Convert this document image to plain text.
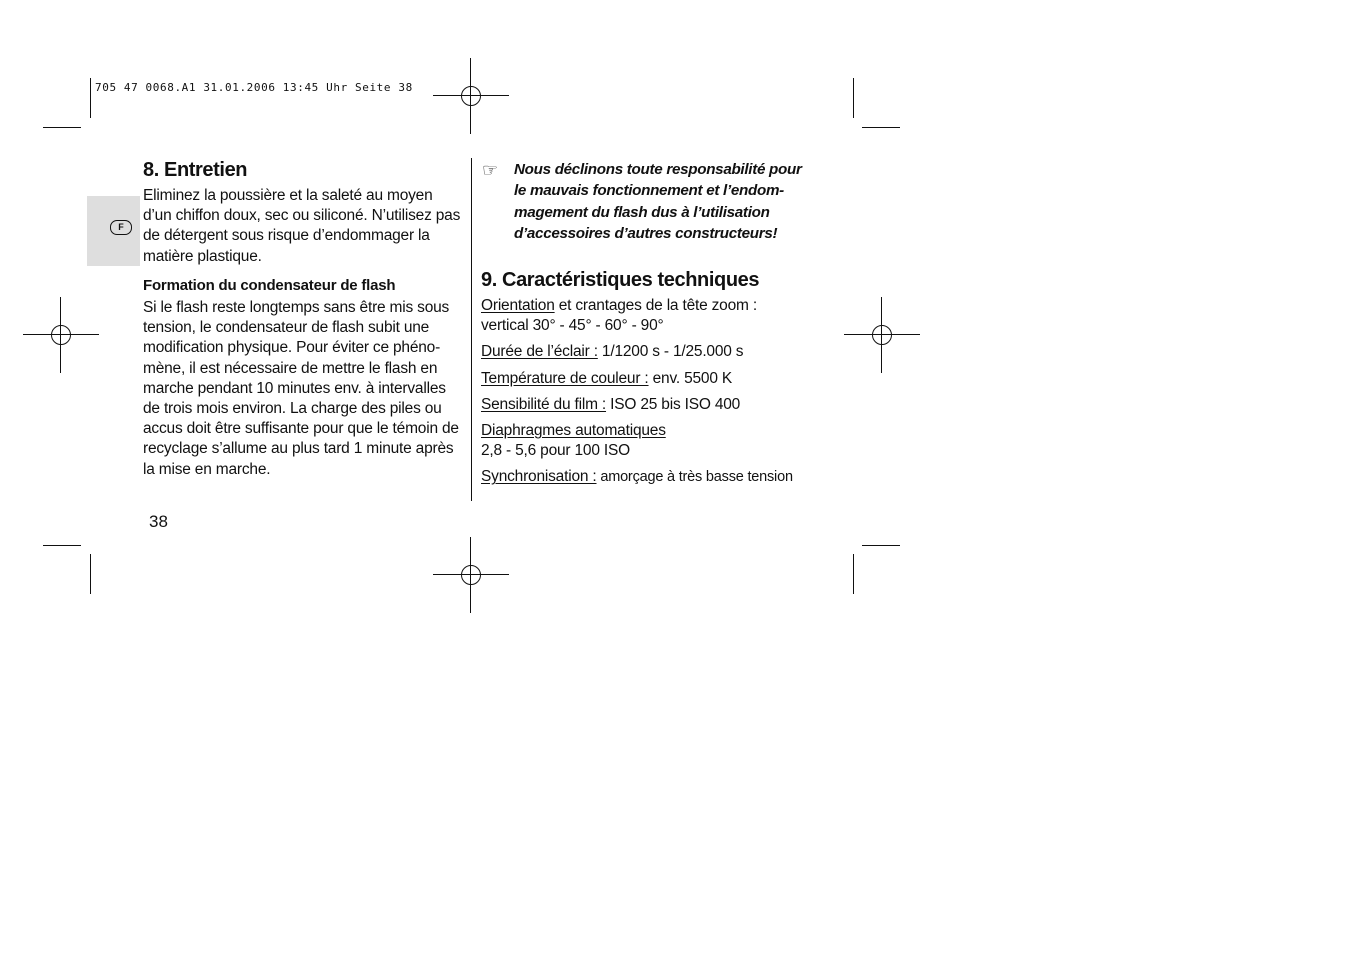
705 47 0068.A1 31.01.2006 13:45 Uhr Seite 38
F
8. Entretien

Eliminez la poussière et la saleté au moyen d’un chiffon doux, sec ou siliconé. N’utilisez pas de détergent sous risque d’endommager la matière plastique.

Formation du condensateur de flash

Si le flash reste longtemps sans être mis sous tension, le condensateur de flash subit une modification physique. Pour éviter ce phéno-mène, il est nécessaire de mettre le flash en marche pendant 10 minutes env. à intervalles de trois mois environ. La charge des piles ou accus doit être suffisante pour que le témoin de recyclage s’allume au plus tard 1 minute après la mise en marche.

☞ Nous déclinons toute responsabilité pour le mauvais fonctionnement et l’endom-magement du flash dus à l’utilisation d’accessoires d’autres constructeurs!
9. Caractéristiques techniques
Orientation et crantages de la tête zoom :
vertical 30° - 45° - 60° - 90°
Durée de l’éclair : 1/1200 s - 1/25.000 s
Température de couleur : env. 5500 K
Sensibilité du film : ISO 25 bis ISO 400
Diaphragmes automatiques
2,8 - 5,6 pour 100 ISO
Synchronisation : amorçage à très basse tension
38
